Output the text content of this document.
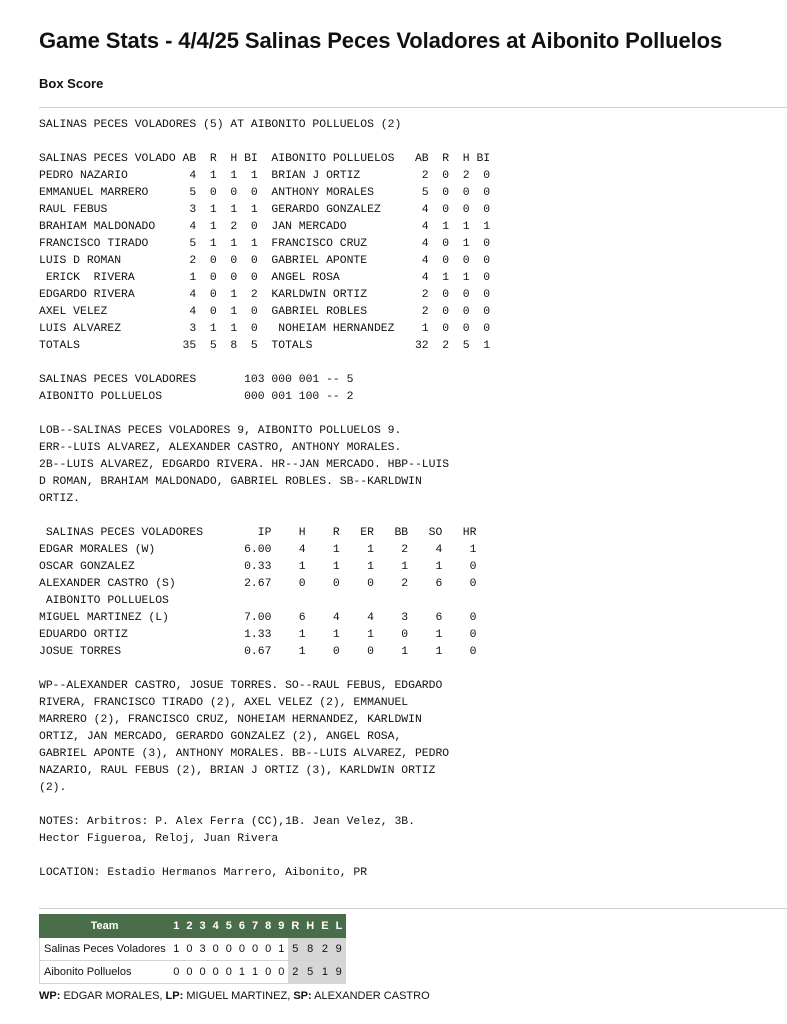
Game Stats - 4/4/25 Salinas Peces Voladores at Aibonito Polluelos
Box Score
SALINAS PECES VOLADORES (5) AT AIBONITO POLLUELOS (2)

SALINAS PECES VOLADO AB  R  H BI  AIBONITO POLLUELOS   AB  R  H BI
PEDRO NAZARIO         4  1  1  1  BRIAN J ORTIZ         2  0  2  0
EMMANUEL MARRERO      5  0  0  0  ANTHONY MORALES       5  0  0  0
RAUL FEBUS            3  1  1  1  GERARDO GONZALEZ      4  0  0  0
BRAHIAM MALDONADO     4  1  2  0  JAN MERCADO           4  1  1  1
FRANCISCO TIRADO      5  1  1  1  FRANCISCO CRUZ        4  0  1  0
LUIS D ROMAN          2  0  0  0  GABRIEL APONTE        4  0  0  0
ERICK  RIVERA        1  0  0  0  ANGEL ROSA            4  1  1  0
EDGARDO RIVERA        4  0  1  2  KARLDWIN ORTIZ        2  0  0  0
AXEL VELEZ            4  0  1  0  GABRIEL ROBLES        2  0  0  0
LUIS ALVAREZ          3  1  1  0   NOHEIAM HERNANDEZ    1  0  0  0
TOTALS               35  5  8  5  TOTALS               32  2  5  1

SALINAS PECES VOLADORES       103 000 001 -- 5
AIBONITO POLLUELOS            000 001 100 -- 2

LOB--SALINAS PECES VOLADORES 9, AIBONITO POLLUELOS 9.
ERR--LUIS ALVAREZ, ALEXANDER CASTRO, ANTHONY MORALES.
2B--LUIS ALVAREZ, EDGARDO RIVERA. HR--JAN MERCADO. HBP--LUIS
D ROMAN, BRAHIAM MALDONADO, GABRIEL ROBLES. SB--KARLDWIN
ORTIZ.

SALINAS PECES VOLADORES        IP    H    R   ER   BB   SO   HR
EDGAR MORALES (W)             6.00    4    1    1    2    4    1
OSCAR GONZALEZ                0.33    1    1    1    1    1    0
ALEXANDER CASTRO (S)          2.67    0    0    0    2    6    0
AIBONITO POLLUELOS
MIGUEL MARTINEZ (L)           7.00    6    4    4    3    6    0
EDUARDO ORTIZ                 1.33    1    1    1    0    1    0
JOSUE TORRES                  0.67    1    0    0    1    1    0

WP--ALEXANDER CASTRO, JOSUE TORRES. SO--RAUL FEBUS, EDGARDO
RIVERA, FRANCISCO TIRADO (2), AXEL VELEZ (2), EMMANUEL
MARRERO (2), FRANCISCO CRUZ, NOHEIAM HERNANDEZ, KARLDWIN
ORTIZ, JAN MERCADO, GERARDO GONZALEZ (2), ANGEL ROSA,
GABRIEL APONTE (3), ANTHONY MORALES. BB--LUIS ALVAREZ, PEDRO
NAZARIO, RAUL FEBUS (2), BRIAN J ORTIZ (3), KARLDWIN ORTIZ
(2).

NOTES: Arbitros: P. Alex Ferra (CC),1B. Jean Velez, 3B.
Hector Figueroa, Reloj, Juan Rivera

LOCATION: Estadio Hermanos Marrero, Aibonito, PR
Team	1	2	3	4	5	6	7	8	9	R	H	E	L
Salinas Peces Voladores	1	0	3	0	0	0	0	0	1	5	8	2	9
Aibonito Polluelos	0	0	0	0	0	1	1	0	0	2	5	1	9
WP: EDGAR MORALES, LP: MIGUEL MARTINEZ, SP: ALEXANDER CASTRO
